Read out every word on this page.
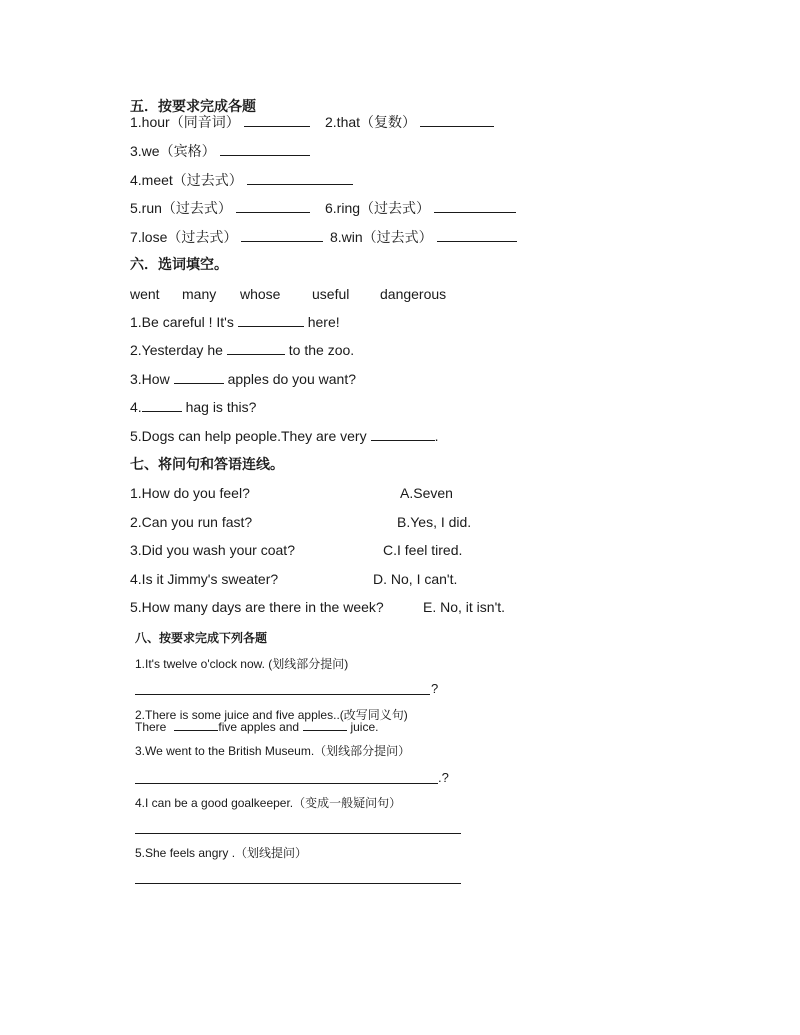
五．按要求完成各题
1.hour（同音词）	2.that（复数）
3.we（宾格）
4.meet（过去式）
5.run（过去式）	6.ring（过去式）
7.lose（过去式）	8.win（过去式）
六．选词填空。
went many whose useful dangerous
1.Be careful ! It's	here!
2.Yesterday he	to the zoo.
3.How	apples do you want?
4.	hag is this?
5.Dogs can help people.They are very	.
七、将问句和答语连线。
1.How do you feel?	A.Seven
2.Can you run fast?	B.Yes, I did.
3.Did you wash your coat?	C.I feel tired.
4.Is it Jimmy's sweater?	D. No, I can't.
5.How many days are there in the week?	E. No, it isn't.
八、按要求完成下列各题
1.It's twelve o'clock now. (划线部分提问)
?
2.There is some juice and five apples..(改写同义句)
There	five apples and	juice.
3.We went to the British Museum.（划线部分提问）
.?
4.I can be a good goalkeeper.（变成一般疑问句）
5.She feels angry .（划线提问）
